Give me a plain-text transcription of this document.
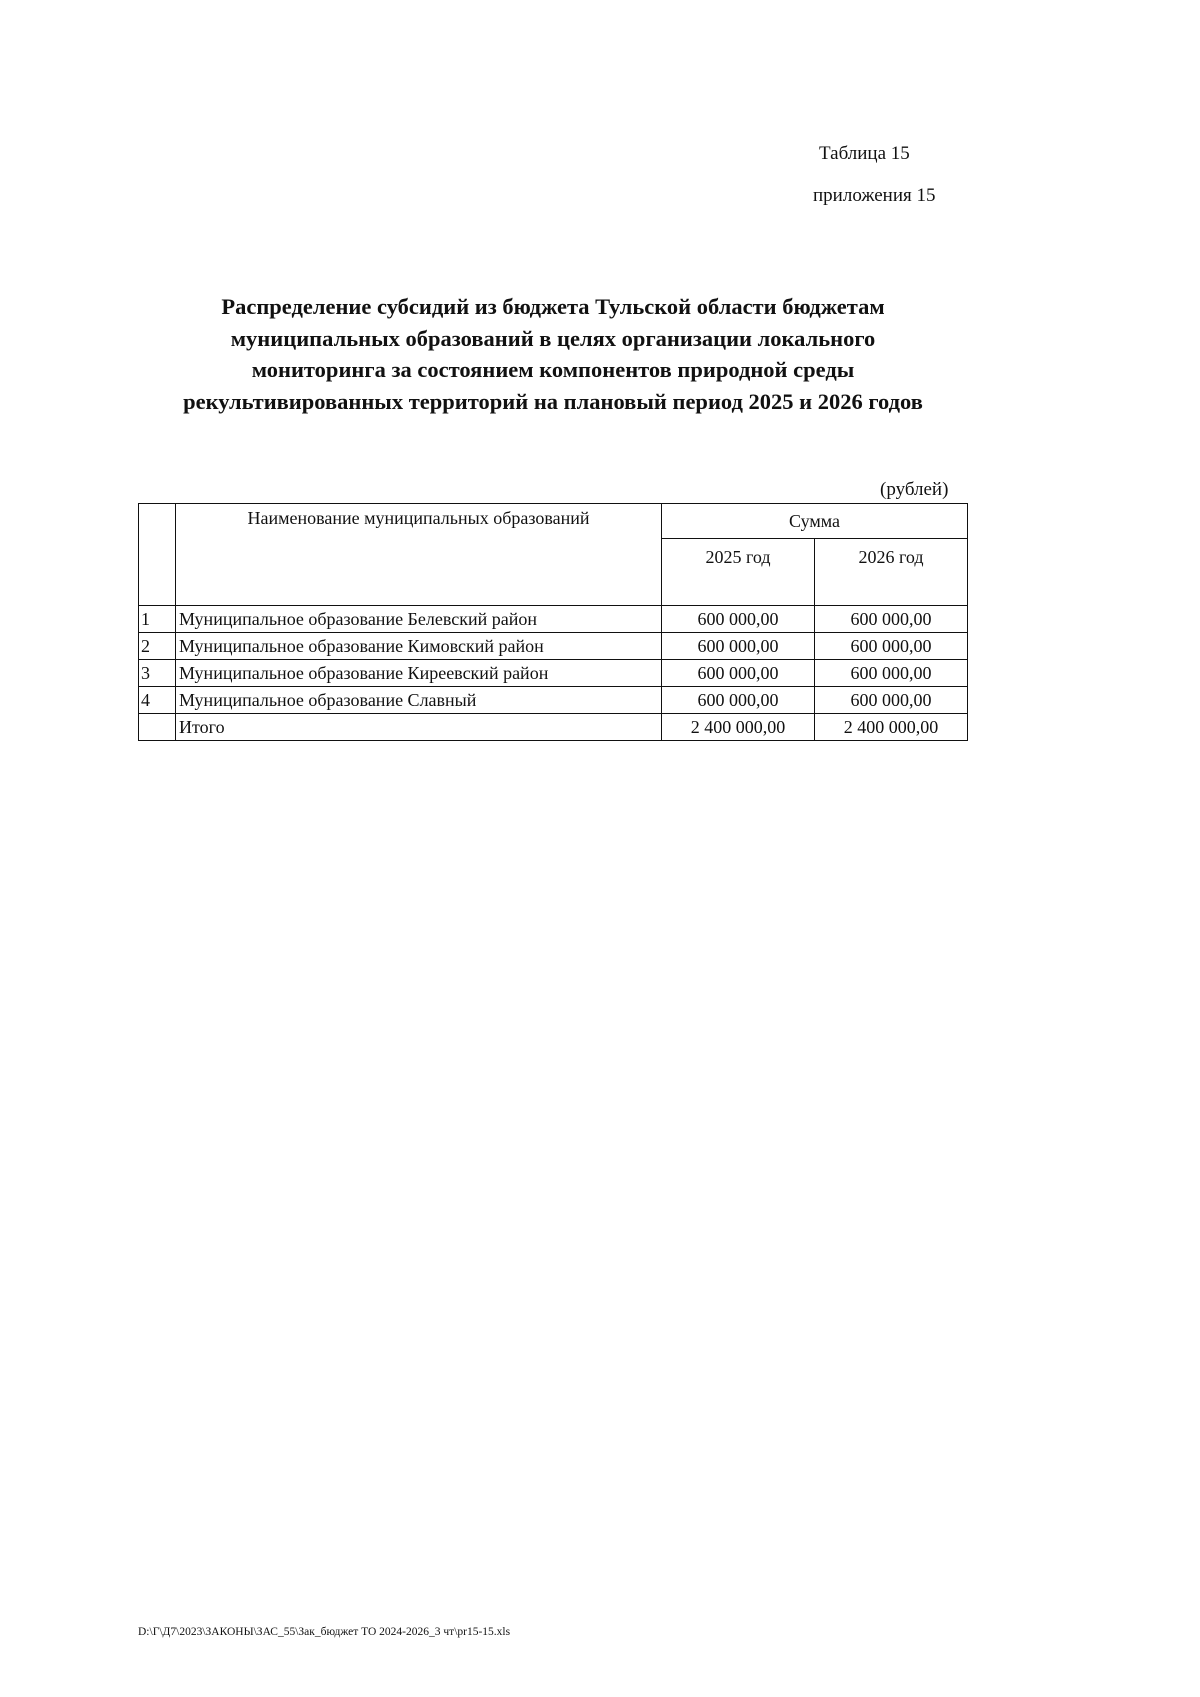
Таблица 15
приложения 15
Распределение субсидий из бюджета Тульской области бюджетам
муниципальных образований в целях организации локального
мониторинга за состоянием компонентов природной среды
рекультивированных территорий на плановый период 2025 и 2026 годов
(рублей)
	Наименование муниципальных образований	Сумма	
		2025 год	2026 год
1	Муниципальное образование Белевский район	600 000,00	600 000,00
2	Муниципальное образование Кимовский район	600 000,00	600 000,00
3	Муниципальное образование Киреевский район	600 000,00	600 000,00
4	Муниципальное образование Славный	600 000,00	600 000,00
	Итого	2 400 000,00	2 400 000,00
D:\Г\Д7\2023\ЗАКОНЫ\ЗАС_55\Зак_бюджет ТО 2024-2026_3 чт\pr15-15.xls
